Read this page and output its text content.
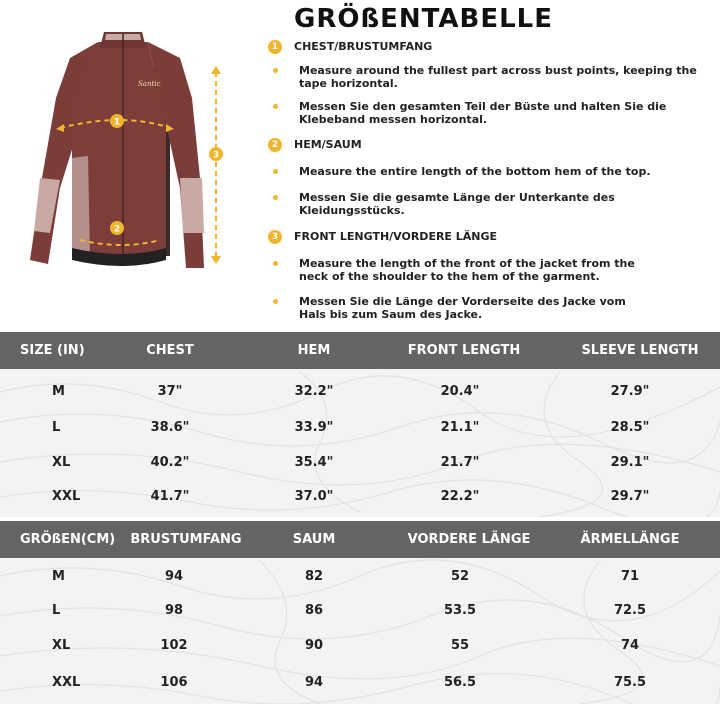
Santic
1
2
3
GRÖßENTABELLE
1	CHEST/BRUSTUMFANG
Measure around the fullest part across bust points, keeping the tape horizontal.
Messen Sie den gesamten Teil der Büste und halten Sie die Klebeband messen horizontal.
2	HEM/SAUM
Measure the entire length of the bottom hem of the top.
Messen Sie die gesamte Länge der Unterkante des Kleidungsstücks.
3	FRONT LENGTH/VORDERE LÄNGE
Measure the length of the front of the jacket from the neck of the shoulder to the hem of the garment.
Messen Sie die Länge der Vorderseite des Jacke vom Hals bis zum Saum des Jacke.
SIZE (IN)	CHEST	HEM	FRONT LENGTH	SLEEVE LENGTH
M	37"	32.2"	20.4"	27.9"
L	38.6"	33.9"	21.1"	28.5"
XL	40.2"	35.4"	21.7"	29.1"
XXL	41.7"	37.0"	22.2"	29.7"
GRÖßEN(CM)	BRUSTUMFANG	SAUM	VORDERE LÄNGE	ÄRMELLÄNGE
M	94	82	52	71
L	98	86	53.5	72.5
XL	102	90	55	74
XXL	106	94	56.5	75.5
